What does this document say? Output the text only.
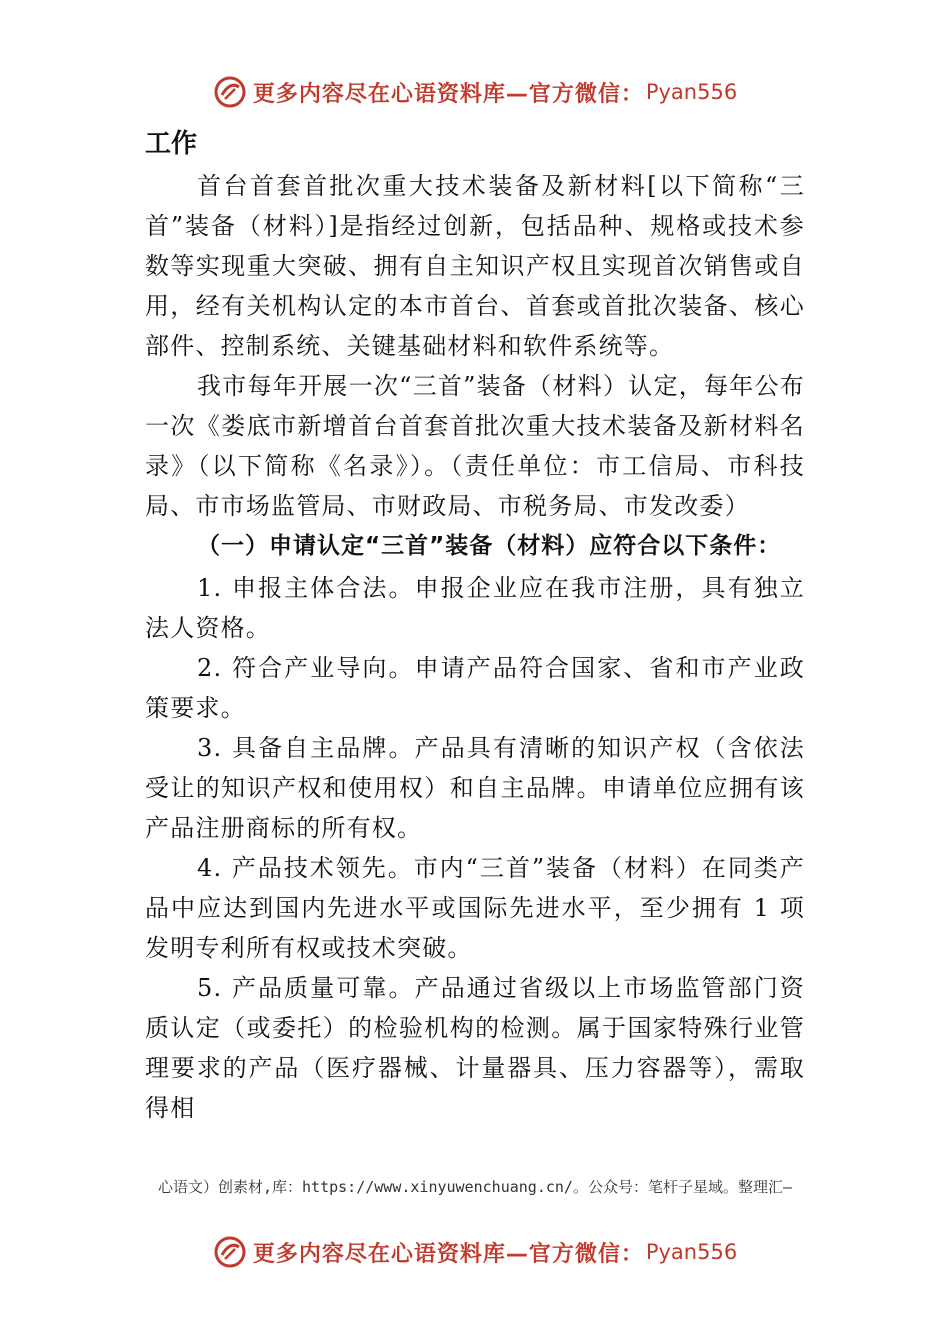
更多内容尽在心语资料库—官方微信： Pyan556

工作

首台首套首批次重大技术装备及新材料[以下简称“三首”装备（材料）]是指经过创新，包括品种、规格或技术参数等实现重大突破、拥有自主知识产权且实现首次销售或自用，经有关机构认定的本市首台、首套或首批次装备、核心部件、控制系统、关键基础材料和软件系统等。

我市每年开展一次“三首”装备（材料）认定，每年公布一次《娄底市新增首台首套首批次重大技术装备及新材料名录》（以下简称《名录》）。（责任单位：市工信局、市科技局、市市场监管局、市财政局、市税务局、市发改委）

（一）申请认定“三首”装备（材料）应符合以下条件：

1. 申报主体合法。申报企业应在我市注册，具有独立法人资格。

2. 符合产业导向。申请产品符合国家、省和市产业政策要求。

3. 具备自主品牌。产品具有清晰的知识产权（含依法受让的知识产权和使用权）和自主品牌。申请单位应拥有该产品注册商标的所有权。

4. 产品技术领先。市内“三首”装备（材料）在同类产品中应达到国内先进水平或国际先进水平，至少拥有 1 项发明专利所有权或技术突破。

5. 产品质量可靠。产品通过省级以上市场监管部门资质认定（或委托）的检验机构的检测。属于国家特殊行业管理要求的产品（医疗器械、计量器具、压力容器等），需取得相

心语文）创素材,库：https://www.xinyuwenchuang.cn/。公众号：笔杆子星域。整理汇—
更多内容尽在心语资料库—官方微信： Pyan556
